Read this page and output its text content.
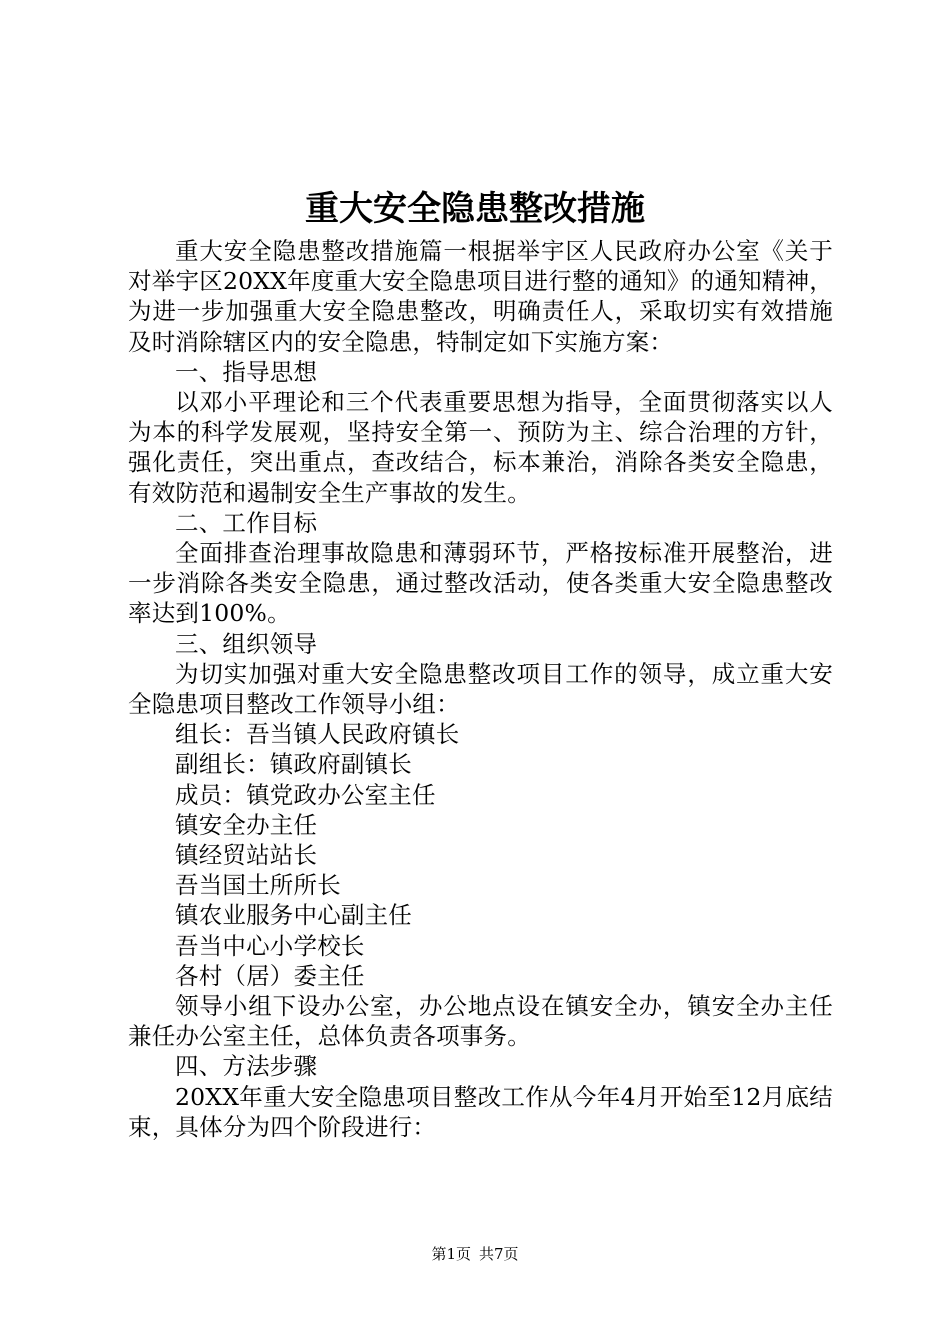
重大安全隐患整改措施

重大安全隐患整改措施篇一根据举宇区人民政府办公室《关于对举宇区20XX年度重大安全隐患项目进行整的通知》的通知精神，为进一步加强重大安全隐患整改，明确责任人，采取切实有效措施及时消除辖区内的安全隐患，特制定如下实施方案：

一、指导思想

以邓小平理论和三个代表重要思想为指导，全面贯彻落实以人为本的科学发展观，坚持安全第一、预防为主、综合治理的方针，强化责任，突出重点，查改结合，标本兼治，消除各类安全隐患，有效防范和遏制安全生产事故的发生。

二、工作目标

全面排查治理事故隐患和薄弱环节，严格按标准开展整治，进一步消除各类安全隐患，通过整改活动，使各类重大安全隐患整改率达到100%。

三、组织领导

为切实加强对重大安全隐患整改项目工作的领导，成立重大安全隐患项目整改工作领导小组：

组长：吾当镇人民政府镇长

副组长：镇政府副镇长

成员：镇党政办公室主任

镇安全办主任

镇经贸站站长

吾当国土所所长

镇农业服务中心副主任

吾当中心小学校长

各村（居）委主任

领导小组下设办公室，办公地点设在镇安全办，镇安全办主任兼任办公室主任，总体负责各项事务。

四、方法步骤

20XX年重大安全隐患项目整改工作从今年4月开始至12月底结束，具体分为四个阶段进行：

第1页 共7页
